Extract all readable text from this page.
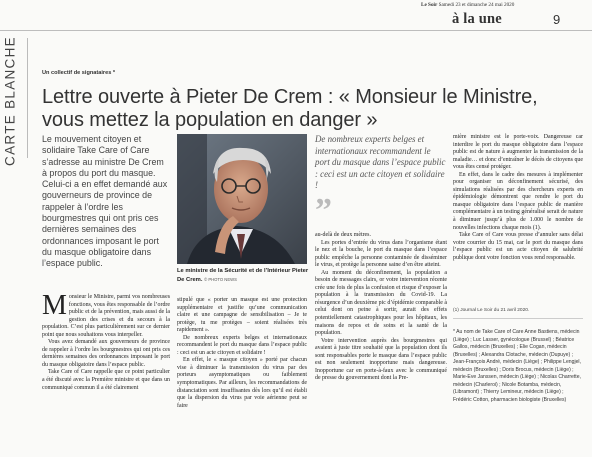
Le Soir Samedi 23 et dimanche 24 mai 2020
à la une	9
CARTE BLANCHE	Un collectif de signataires *
Lettre ouverte à Pieter De Crem : « Monsieur le Ministre, vous mettez la population en danger »
Le mouvement citoyen et solidaire Take Care of Care s’adresse au ministre De Crem à propos du port du masque. Celui-ci a en effet demandé aux gouverneurs de province de rappeler à l’ordre les bourgmestres qui ont pris ces dernières semaines des ordonnances imposant le port du masque obligatoire dans l’espace public.
Le ministre de la Sécurité et de l’Intérieur Pieter De Crem. © PHOTO NEWS
De nombreux experts belges et internationaux recommandent le port du masque dans l’espace public : ceci est un acte citoyen et solidaire !
”

Monsieur le Ministre, parmi vos nombreuses fonctions, vous êtes responsable de l’ordre public et de la prévention, mais aussi de la gestion des crises et du secours à la population. C’est plus particulièrement sur ce dernier point que nous souhaitons vous interpeller.

Vous avez demandé aux gouverneurs de province de rappeler à l’ordre les bourgmestres qui ont pris ces dernières semaines des ordonnances imposant le port du masque obligatoire dans l’espace public.

Take Care of Care rappelle que ce point particulier a été discuté avec la Première ministre et que dans un communiqué commun il a été clairement

stipulé que « porter un masque est une protection supplémentaire et justifie qu’une communication claire et une campagne de sensibilisation – Je te protège, tu me protèges – soient réalisées très rapidement ».

De nombreux experts belges et internationaux recommandent le port du masque dans l’espace public : ceci est un acte citoyen et solidaire !

En effet, le « masque citoyen » porté par chacun vise à diminuer la transmission du virus par des porteurs asymptomatiques ou faiblement symptomatiques. Par ailleurs, les recommandations de distanciation sont insuffisantes dès lors qu’il est établi que la dispersion du virus par voie aérienne peut se faire

au-delà de deux mètres.

Les portes d’entrée du virus dans l’organisme étant le nez et la bouche, le port du masque dans l’espace public empêche la personne contaminée de disséminer le virus, et protège la personne saine d’en être atteint.

Au moment du déconfinement, la population a besoin de messages clairs, or votre intervention récente crée une fois de plus la confusion et risque d’exposer la population à la transmission du Covid-19. La résurgence d’un deuxième pic d’épidémie comparable à celui dont on peine à sortir, aurait des effets potentiellement catastrophiques pour les hôpitaux, les maisons de repos et de soins et la santé de la population.

Votre intervention auprès des bourgmestres qui avaient à juste titre souhaité que la population dont ils sont responsables porte le masque dans l’espace public est non seulement inopportune mais dangereuse. Inopportune car en porte-à-faux avec le communiqué de presse du gouvernement dont la Pre-

mière ministre est le porte-voix. Dangereuse car interdire le port du masque obligatoire dans l’espace public est de nature à augmenter la transmission de la maladie… et donc d’entraîner le décès de citoyens que vous êtes censé protéger.

En effet, dans le cadre des mesures à implémenter pour organiser un déconfinement sécurisé, des simulations réalisées par des chercheurs experts en épidémiologie démontrent que rendre le port du masque obligatoire dans l’espace public de manière complémentaire à un testing généralisé serait de nature à diminuer jusqu’à plus de 1.000 le nombre de nouvelles infections chaque mois (1).

Take Care of Care vous presse d’annuler sans délai votre courrier du 15 mai, car le port du masque dans l’espace public est un acte citoyen de salubrité publique dont votre fonction vous rend responsable.

(1) Journal Le Soir du 21 avril 2020.
* Au nom de Take Care of Care Anne Bastiens, médecin (Liège) ; Luc Lasser, gynécologue (Brussel) ; Béatrice Gallos, médecin (Bruxelles) ; Elie Cogan, médecin (Bruxelles) ; Alexandra Clotache, médecin (Dupuye) ; Jean-François André, médecin (Liège) ; Philippe Lengjel, médecin (Bruxelles) ; Doris Brocus, médecin (Liège) ; Marie-Eve Janssen, médecin (Liège) ; Nicolas Charrette, médecin (Charleroi) ; Nicole Botamba, médecin, (Libramont) ; Thierry Lemineur, médecin (Liège) ; Frédéric Cotton, pharmacien biologiste (Bruxelles)
